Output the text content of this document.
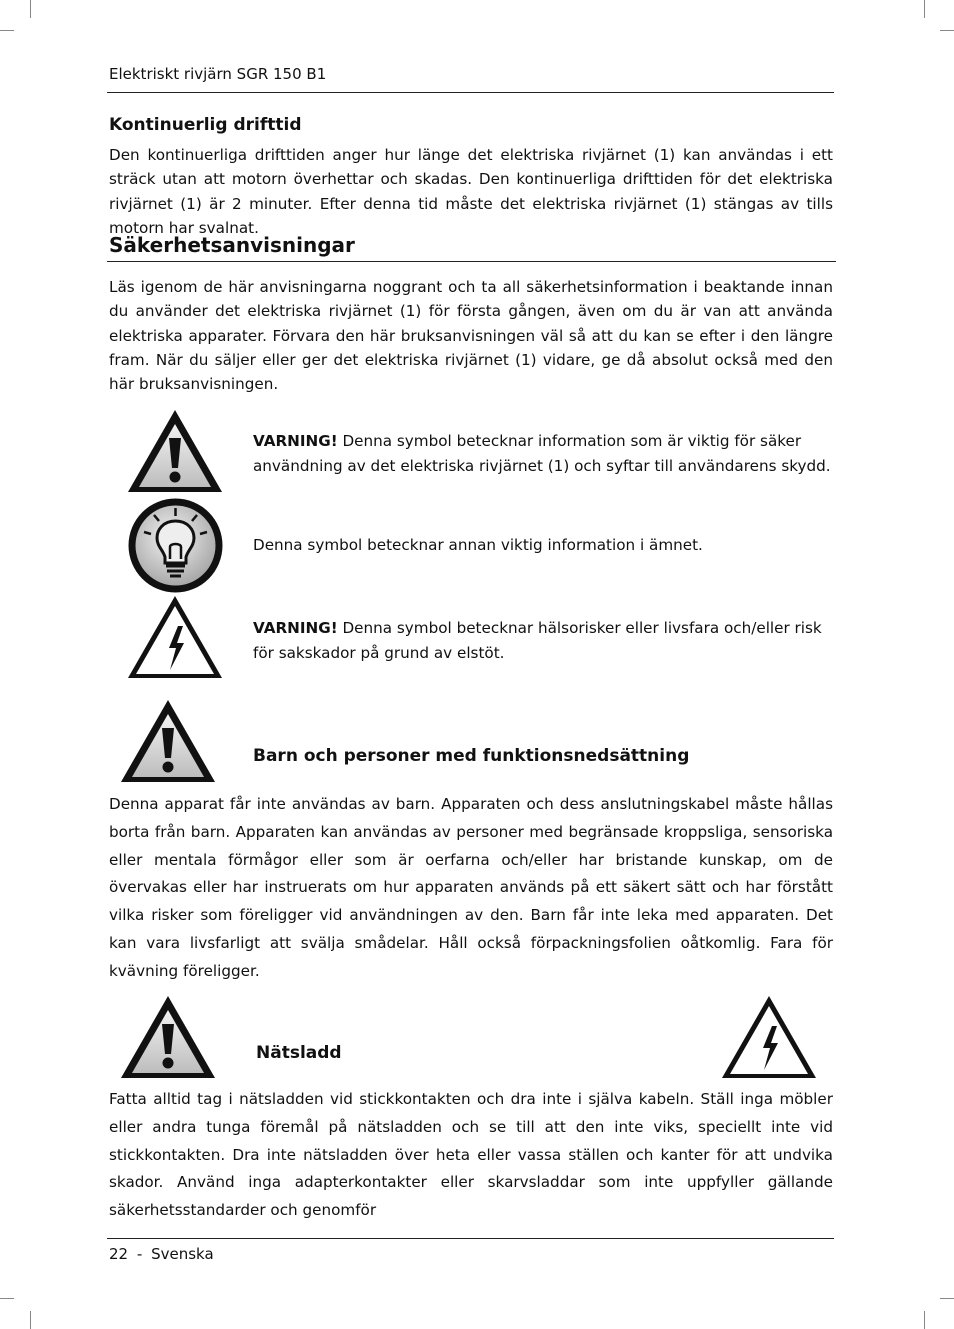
Elektriskt rivjärn SGR 150 B1
Kontinuerlig drifttid
Den kontinuerliga drifttiden anger hur länge det elektriska rivjärnet (1) kan användas i ett sträck utan att motorn överhettar och skadas. Den kontinuerliga drifttiden för det elektriska rivjärnet (1) är 2 minuter. Efter denna tid måste det elektriska rivjärnet (1) stängas av tills motorn har svalnat.
Säkerhetsanvisningar
Läs igenom de här anvisningarna noggrant och ta all säkerhetsinformation i beaktande innan du använder det elektriska rivjärnet (1) för första gången, även om du är van att använda elektriska apparater. Förvara den här bruksanvisningen väl så att du kan se efter i den längre fram. När du säljer eller ger det elektriska rivjärnet (1) vidare, ge då absolut också med den här bruksanvisningen.
VARNING! Denna symbol betecknar information som är viktig för säker användning av det elektriska rivjärnet (1) och syftar till användarens skydd.
Denna symbol betecknar annan viktig information i ämnet.
VARNING! Denna symbol betecknar hälsorisker eller livsfara och/eller risk för sakskador på grund av elstöt.
Barn och personer med funktionsnedsättning
Denna apparat får inte användas av barn. Apparaten och dess anslutningskabel måste hållas borta från barn. Apparaten kan användas av personer med begränsade kroppsliga, sensoriska eller mentala förmågor eller som är oerfarna och/eller har bristande kunskap, om de övervakas eller har instruerats om hur apparaten används på ett säkert sätt och har förstått vilka risker som föreligger vid användningen av den. Barn får inte leka med apparaten. Det kan vara livsfarligt att svälja smådelar. Håll också förpackningsfolien oåtkomlig. Fara för kvävning föreligger.
Nätsladd
Fatta alltid tag i nätsladden vid stickkontakten och dra inte i själva kabeln. Ställ inga möbler eller andra tunga föremål på nätsladden och se till att den inte viks, speciellt inte vid stickkontakten. Dra inte nätsladden över heta eller vassa ställen och kanter för att undvika skador. Använd inga adapterkontakter eller skarvsladdar som inte uppfyller gällande säkerhetsstandarder och genomför
22 - Svenska
